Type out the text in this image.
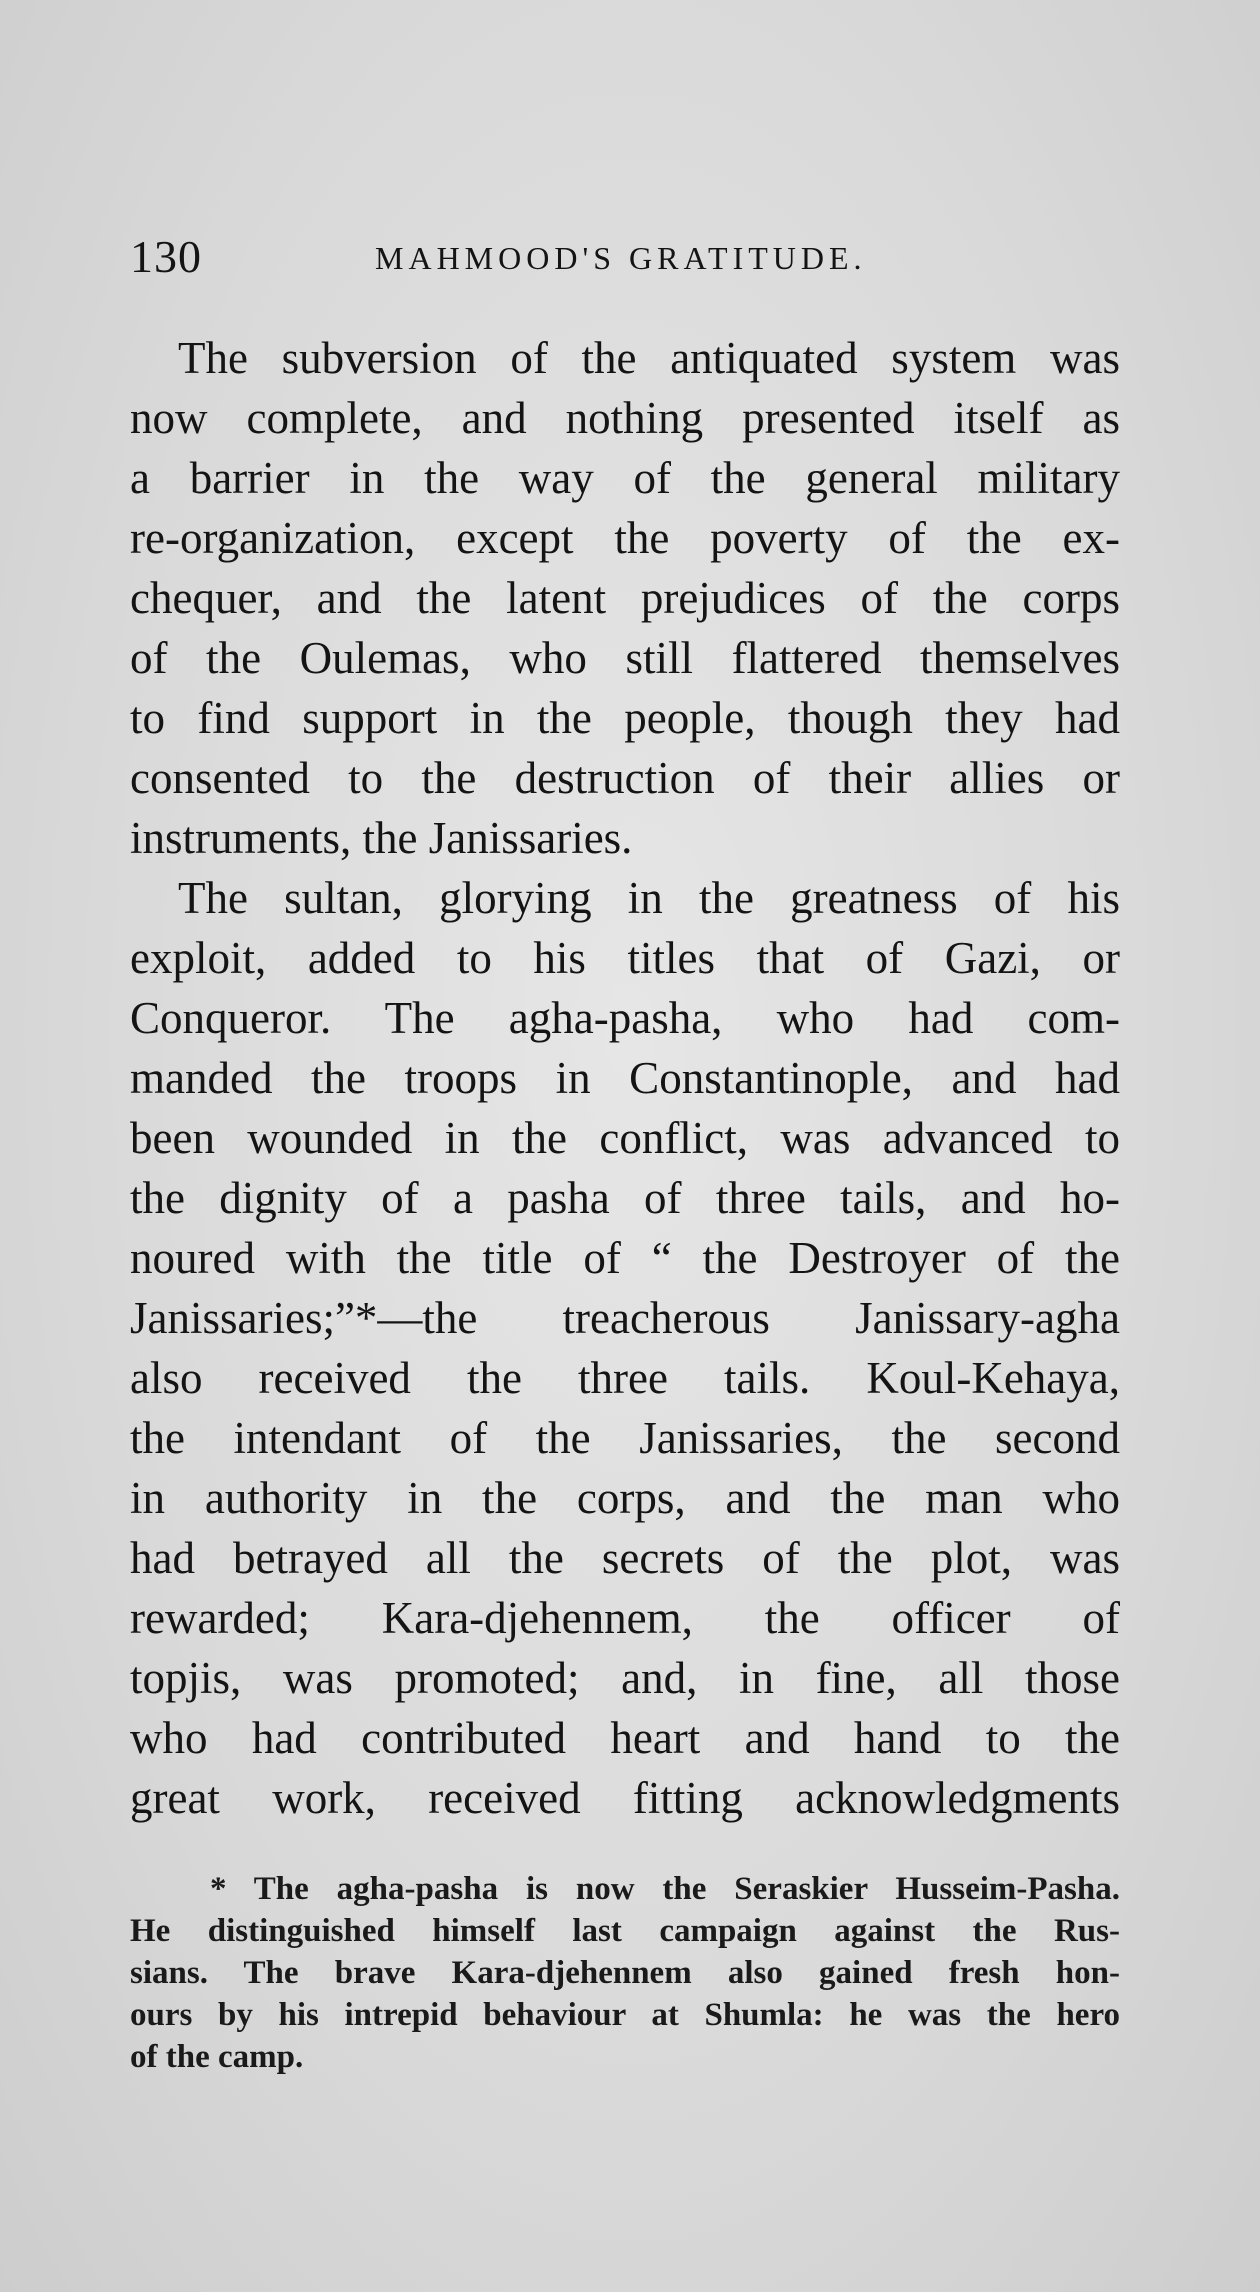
130	MAHMOOD'S GRATITUDE.
The subversion of the antiquated system was
now complete, and nothing presented itself as
a barrier in the way of the general military
re-organization, except the poverty of the ex-
chequer, and the latent prejudices of the corps
of the Oulemas, who still flattered themselves
to find support in the people, though they had
consented to the destruction of their allies or
instruments, the Janissaries.
The sultan, glorying in the greatness of his
exploit, added to his titles that of Gazi, or
Conqueror. The agha-pasha, who had com-
manded the troops in Constantinople, and had
been wounded in the conflict, was advanced to
the dignity of a pasha of three tails, and ho-
noured with the title of “ the Destroyer of the
Janissaries;”*—the treacherous Janissary-agha
also received the three tails. Koul-Kehaya,
the intendant of the Janissaries, the second
in authority in the corps, and the man who
had betrayed all the secrets of the plot, was
rewarded; Kara-djehennem, the officer of
topjis, was promoted; and, in fine, all those
who had contributed heart and hand to the
great work, received fitting acknowledgments
* The agha-pasha is now the Seraskier Husseim-Pasha.
He distinguished himself last campaign against the Rus-
sians. The brave Kara-djehennem also gained fresh hon-
ours by his intrepid behaviour at Shumla: he was the hero
of the camp.
